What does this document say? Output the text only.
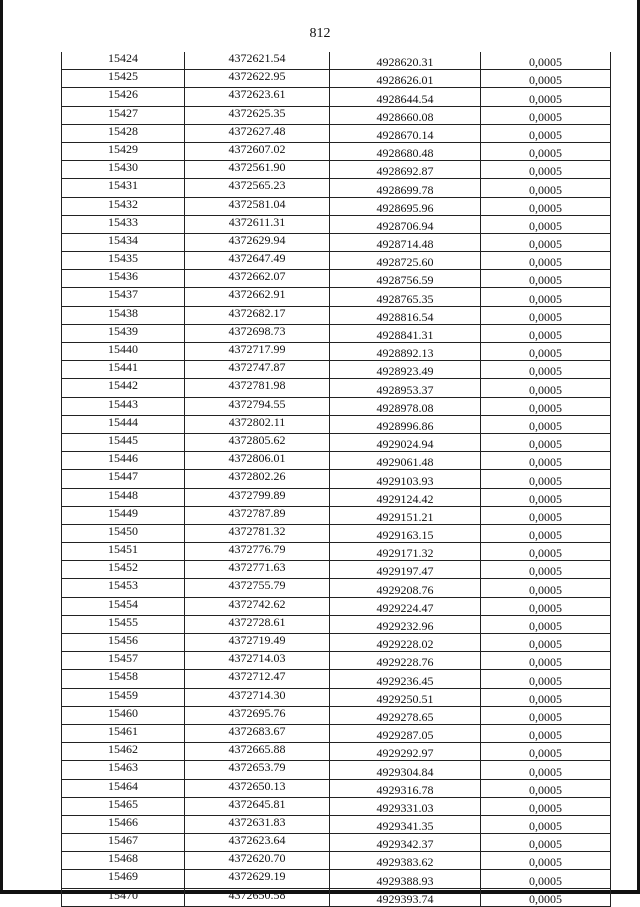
812
15424	4372621.54	4928620.31	0,0005
15425	4372622.95	4928626.01	0,0005
15426	4372623.61	4928644.54	0,0005
15427	4372625.35	4928660.08	0,0005
15428	4372627.48	4928670.14	0,0005
15429	4372607.02	4928680.48	0,0005
15430	4372561.90	4928692.87	0,0005
15431	4372565.23	4928699.78	0,0005
15432	4372581.04	4928695.96	0,0005
15433	4372611.31	4928706.94	0,0005
15434	4372629.94	4928714.48	0,0005
15435	4372647.49	4928725.60	0,0005
15436	4372662.07	4928756.59	0,0005
15437	4372662.91	4928765.35	0,0005
15438	4372682.17	4928816.54	0,0005
15439	4372698.73	4928841.31	0,0005
15440	4372717.99	4928892.13	0,0005
15441	4372747.87	4928923.49	0,0005
15442	4372781.98	4928953.37	0,0005
15443	4372794.55	4928978.08	0,0005
15444	4372802.11	4928996.86	0,0005
15445	4372805.62	4929024.94	0,0005
15446	4372806.01	4929061.48	0,0005
15447	4372802.26	4929103.93	0,0005
15448	4372799.89	4929124.42	0,0005
15449	4372787.89	4929151.21	0,0005
15450	4372781.32	4929163.15	0,0005
15451	4372776.79	4929171.32	0,0005
15452	4372771.63	4929197.47	0,0005
15453	4372755.79	4929208.76	0,0005
15454	4372742.62	4929224.47	0,0005
15455	4372728.61	4929232.96	0,0005
15456	4372719.49	4929228.02	0,0005
15457	4372714.03	4929228.76	0,0005
15458	4372712.47	4929236.45	0,0005
15459	4372714.30	4929250.51	0,0005
15460	4372695.76	4929278.65	0,0005
15461	4372683.67	4929287.05	0,0005
15462	4372665.88	4929292.97	0,0005
15463	4372653.79	4929304.84	0,0005
15464	4372650.13	4929316.78	0,0005
15465	4372645.81	4929331.03	0,0005
15466	4372631.83	4929341.35	0,0005
15467	4372623.64	4929342.37	0,0005
15468	4372620.70	4929383.62	0,0005
15469	4372629.19	4929388.93	0,0005
15470	4372650.58	4929393.74	0,0005
